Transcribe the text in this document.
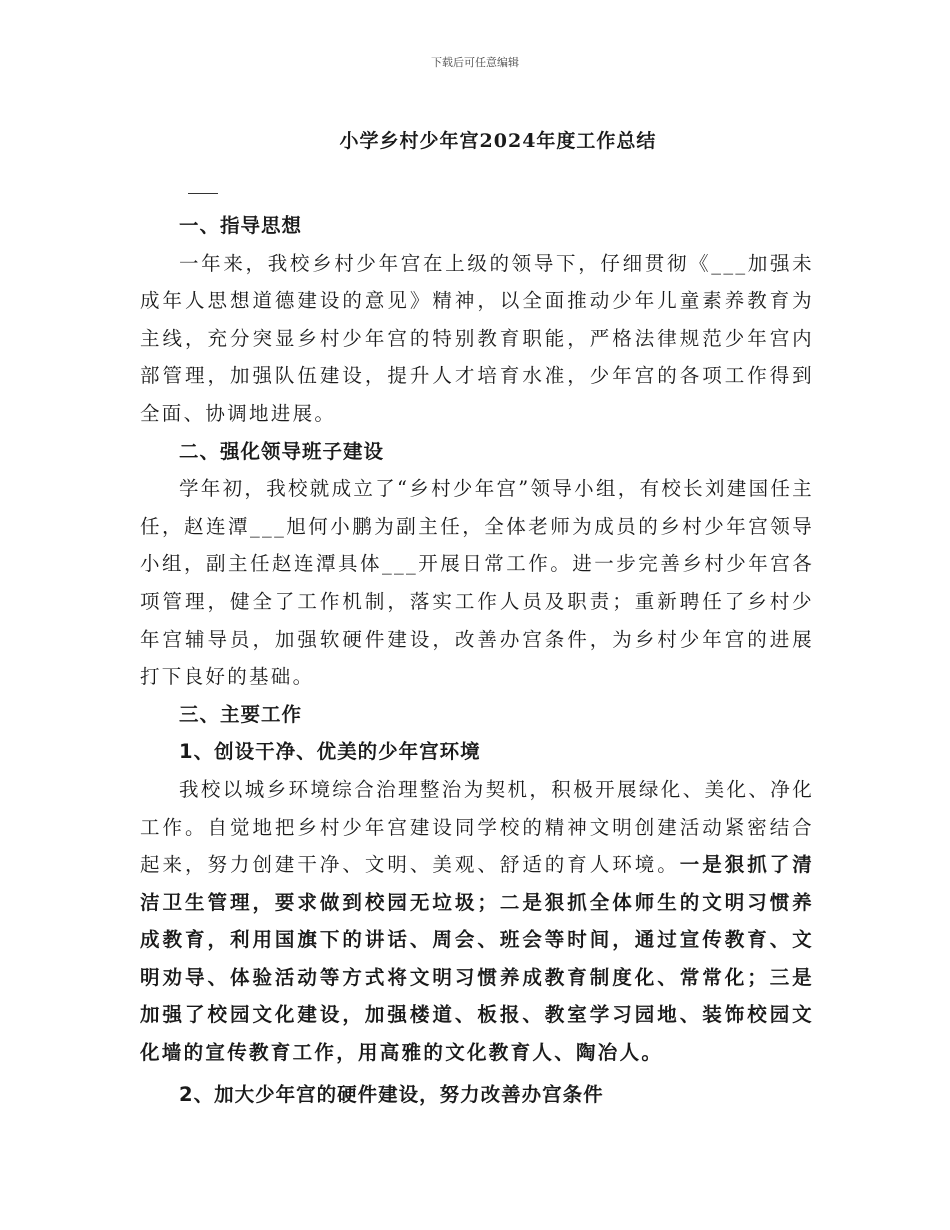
下载后可任意编辑
小学乡村少年宫2024年度工作总结

一、指导思想

一年来，我校乡村少年宫在上级的领导下，仔细贯彻《___加强未成年人思想道德建设的意见》精神，以全面推动少年儿童素养教育为主线，充分突显乡村少年宫的特别教育职能，严格法律规范少年宫内部管理，加强队伍建设，提升人才培育水准，少年宫的各项工作得到全面、协调地进展。

二、强化领导班子建设

学年初，我校就成立了“乡村少年宫”领导小组，有校长刘建国任主任，赵连潭___旭何小鹏为副主任，全体老师为成员的乡村少年宫领导小组，副主任赵连潭具体___开展日常工作。进一步完善乡村少年宫各项管理，健全了工作机制，落实工作人员及职责；重新聘任了乡村少年宫辅导员，加强软硬件建设，改善办宫条件，为乡村少年宫的进展打下良好的基础。

三、主要工作

1、创设干净、优美的少年宫环境

我校以城乡环境综合治理整治为契机，积极开展绿化、美化、净化工作。自觉地把乡村少年宫建设同学校的精神文明创建活动紧密结合起来，努力创建干净、文明、美观、舒适的育人环境。一是狠抓了清洁卫生管理，要求做到校园无垃圾；二是狠抓全体师生的文明习惯养成教育，利用国旗下的讲话、周会、班会等时间，通过宣传教育、文明劝导、体验活动等方式将文明习惯养成教育制度化、常常化；三是加强了校园文化建设，加强楼道、板报、教室学习园地、装饰校园文化墙的宣传教育工作，用高雅的文化教育人、陶冶人。

2、加大少年宫的硬件建设，努力改善办宫条件
